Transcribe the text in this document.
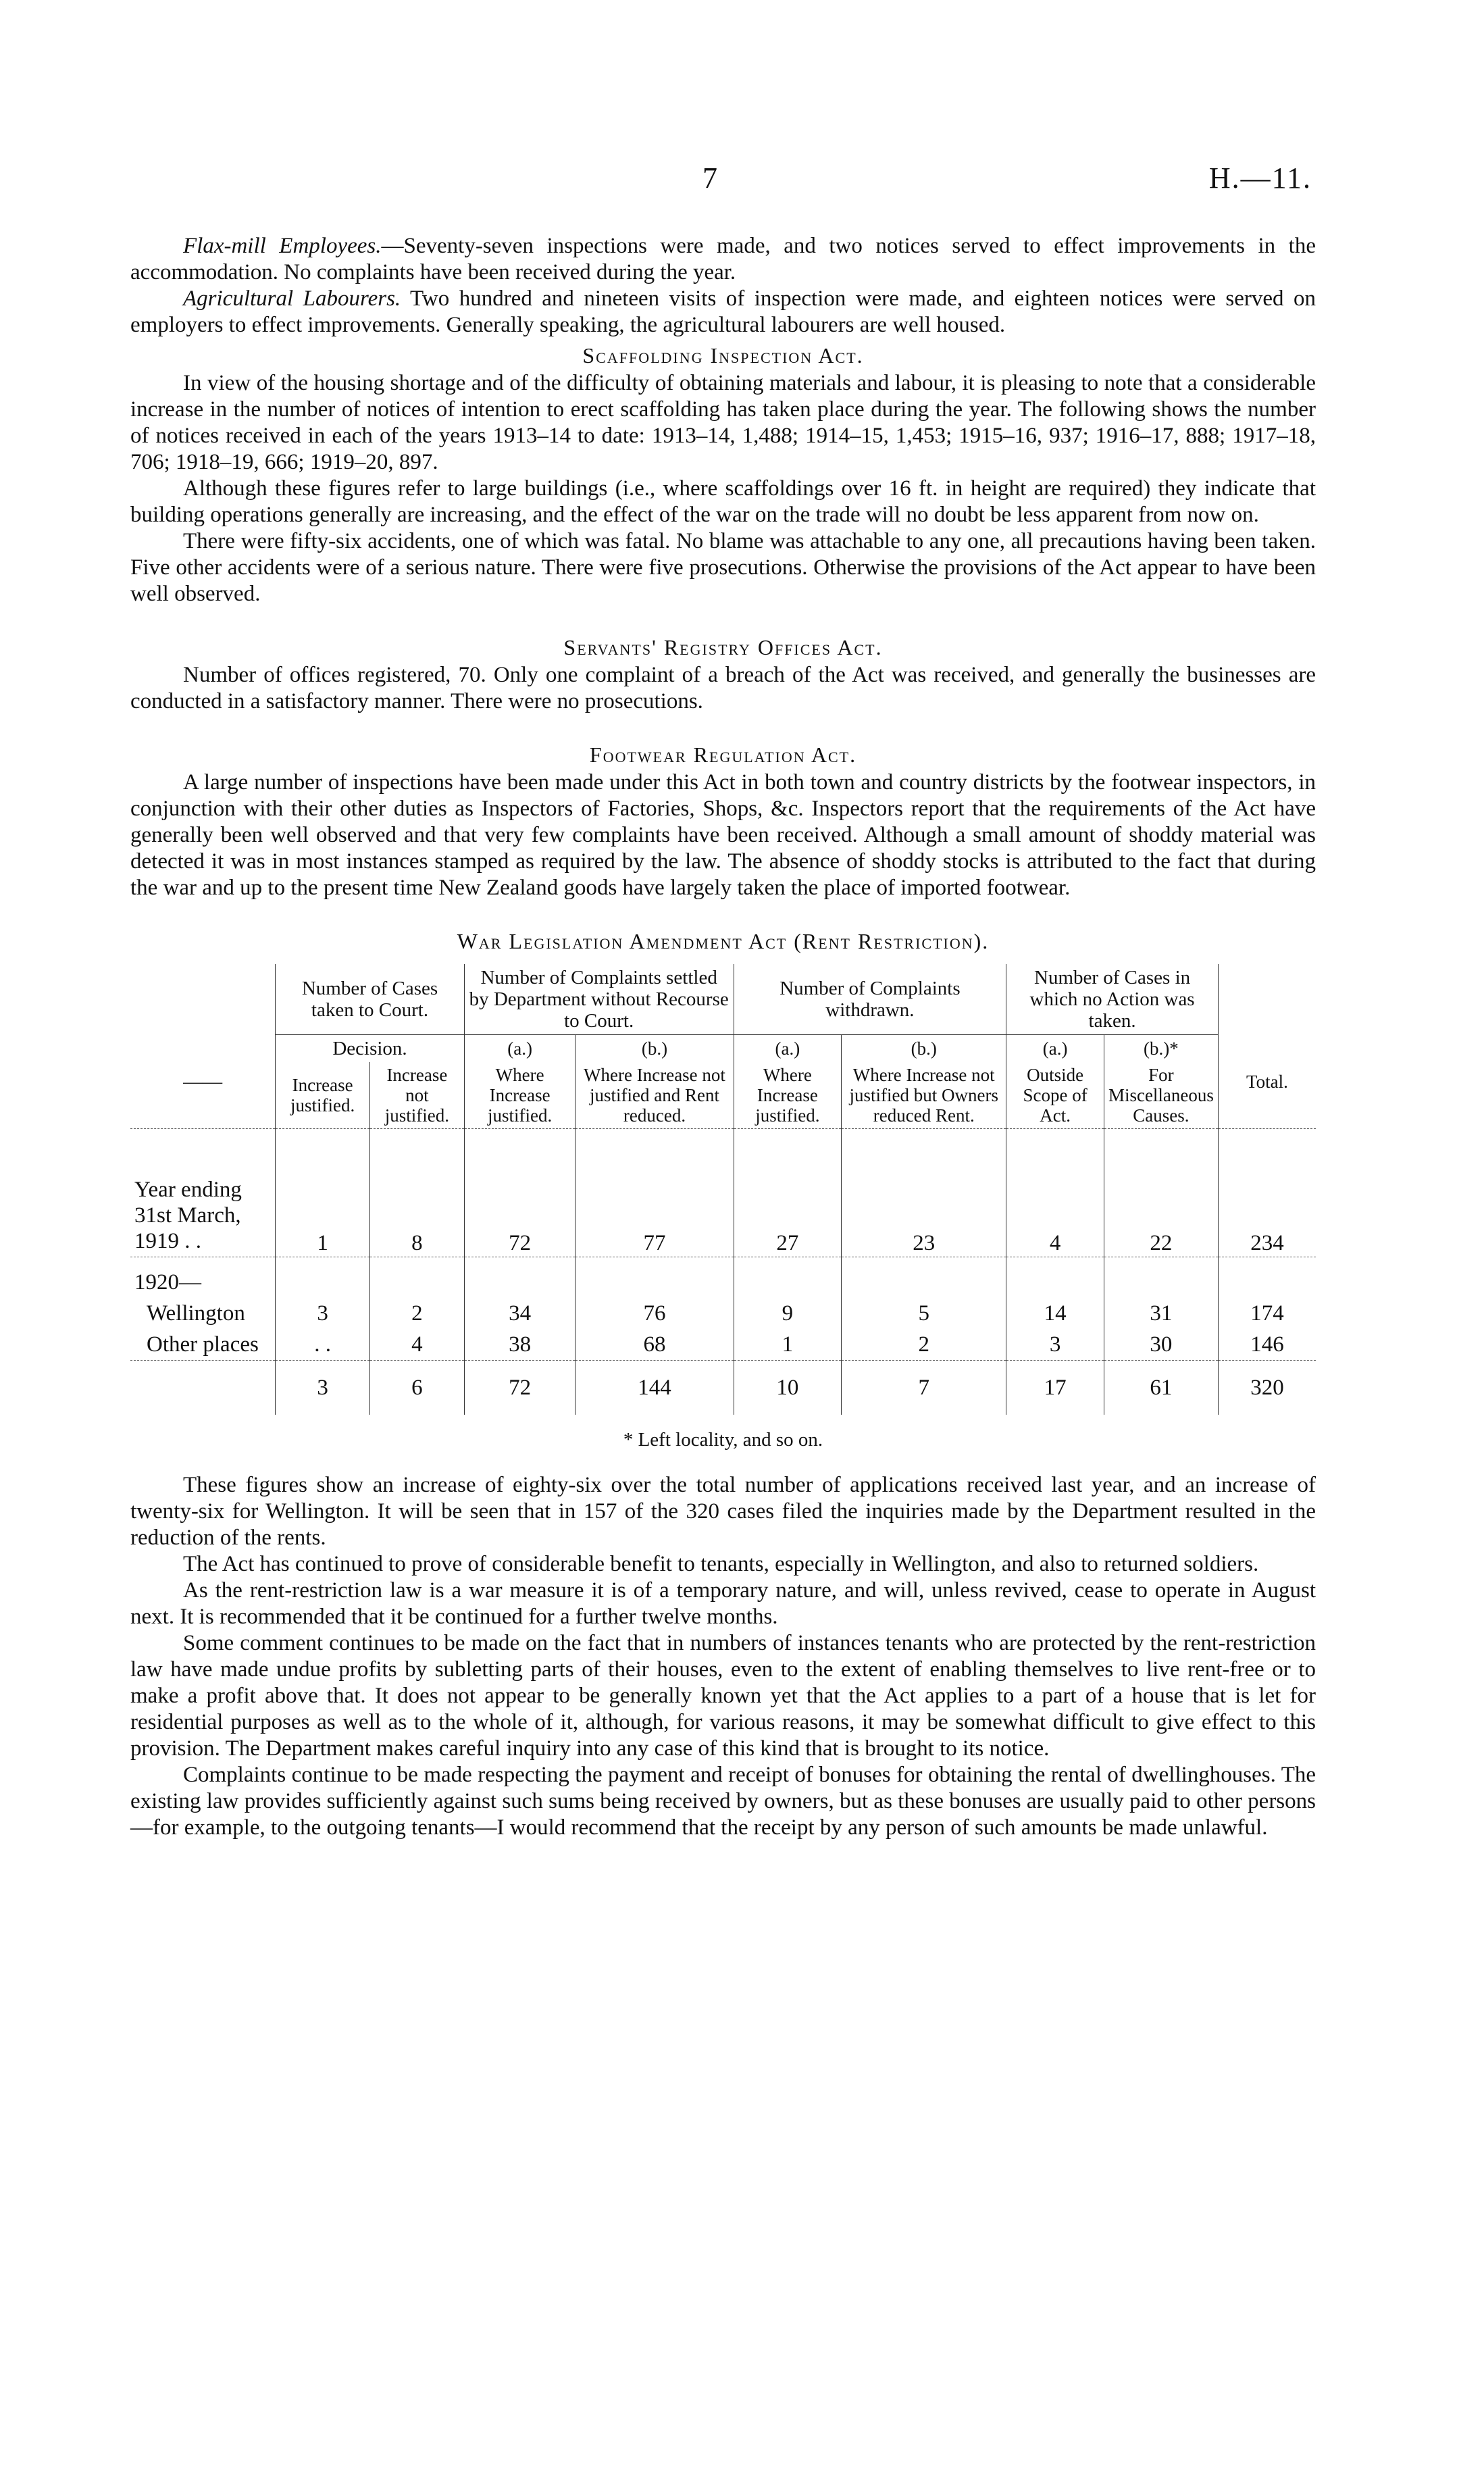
7	H.—11.

Flax-mill Employees.—Seventy-seven inspections were made, and two notices served to effect improvements in the accommodation. No complaints have been received during the year.

Agricultural Labourers. Two hundred and nineteen visits of inspection were made, and eighteen notices were served on employers to effect improvements. Generally speaking, the agricultural labourers are well housed.

Scaffolding Inspection Act.

In view of the housing shortage and of the difficulty of obtaining materials and labour, it is pleasing to note that a considerable increase in the number of notices of intention to erect scaffolding has taken place during the year. The following shows the number of notices received in each of the years 1913–14 to date: 1913–14, 1,488; 1914–15, 1,453; 1915–16, 937; 1916–17, 888; 1917–18, 706; 1918–19, 666; 1919–20, 897.

Although these figures refer to large buildings (i.e., where scaffoldings over 16 ft. in height are required) they indicate that building operations generally are increasing, and the effect of the war on the trade will no doubt be less apparent from now on.

There were fifty-six accidents, one of which was fatal. No blame was attachable to any one, all precautions having been taken. Five other accidents were of a serious nature. There were five prosecutions. Otherwise the provisions of the Act appear to have been well observed.

Servants' Registry Offices Act.

Number of offices registered, 70. Only one complaint of a breach of the Act was received, and generally the businesses are conducted in a satisfactory manner. There were no prosecutions.

Footwear Regulation Act.

A large number of inspections have been made under this Act in both town and country districts by the footwear inspectors, in conjunction with their other duties as Inspectors of Factories, Shops, &c. Inspectors report that the requirements of the Act have generally been well observed and that very few complaints have been received. Although a small amount of shoddy material was detected it was in most instances stamped as required by the law. The absence of shoddy stocks is attributed to the fact that during the war and up to the present time New Zealand goods have largely taken the place of imported footwear.

War Legislation Amendment Act (Rent Restriction).
	Number of Cases taken to Court.		Number of Complaints settled by Department without Recourse to Court.		Number of Complaints withdrawn.		Number of Cases in which no Action was taken.		
——	Decision.		(a.)	(b.)	(a.)	(b.)	(a.)	(b.)*	Total.
	Increase justified.	Increase not justified.	Where Increase justified.	Where Increase not justified and Rent reduced.	Where Increase justified.	Where Increase not justified but Owners reduced Rent.	Outside Scope of Act.	For Miscellaneous Causes.	
Year ending 31st March, 1919 . .	1	8	72	77	27	23	4	22	234
1920—									
Wellington	3	2	34	76	9	5	14	31	174
Other places	. .	4	38	68	1	2	3	30	146
	3	6	72	144	10	7	17	61	320
* Left locality, and so on.

These figures show an increase of eighty-six over the total number of applications received last year, and an increase of twenty-six for Wellington. It will be seen that in 157 of the 320 cases filed the inquiries made by the Department resulted in the reduction of the rents.

The Act has continued to prove of considerable benefit to tenants, especially in Wellington, and also to returned soldiers.

As the rent-restriction law is a war measure it is of a temporary nature, and will, unless revived, cease to operate in August next. It is recommended that it be continued for a further twelve months.

Some comment continues to be made on the fact that in numbers of instances tenants who are protected by the rent-restriction law have made undue profits by subletting parts of their houses, even to the extent of enabling themselves to live rent-free or to make a profit above that. It does not appear to be generally known yet that the Act applies to a part of a house that is let for residential purposes as well as to the whole of it, although, for various reasons, it may be somewhat difficult to give effect to this provision. The Department makes careful inquiry into any case of this kind that is brought to its notice.

Complaints continue to be made respecting the payment and receipt of bonuses for obtaining the rental of dwellinghouses. The existing law provides sufficiently against such sums being received by owners, but as these bonuses are usually paid to other persons—for example, to the outgoing tenants—I would recommend that the receipt by any person of such amounts be made unlawful.
